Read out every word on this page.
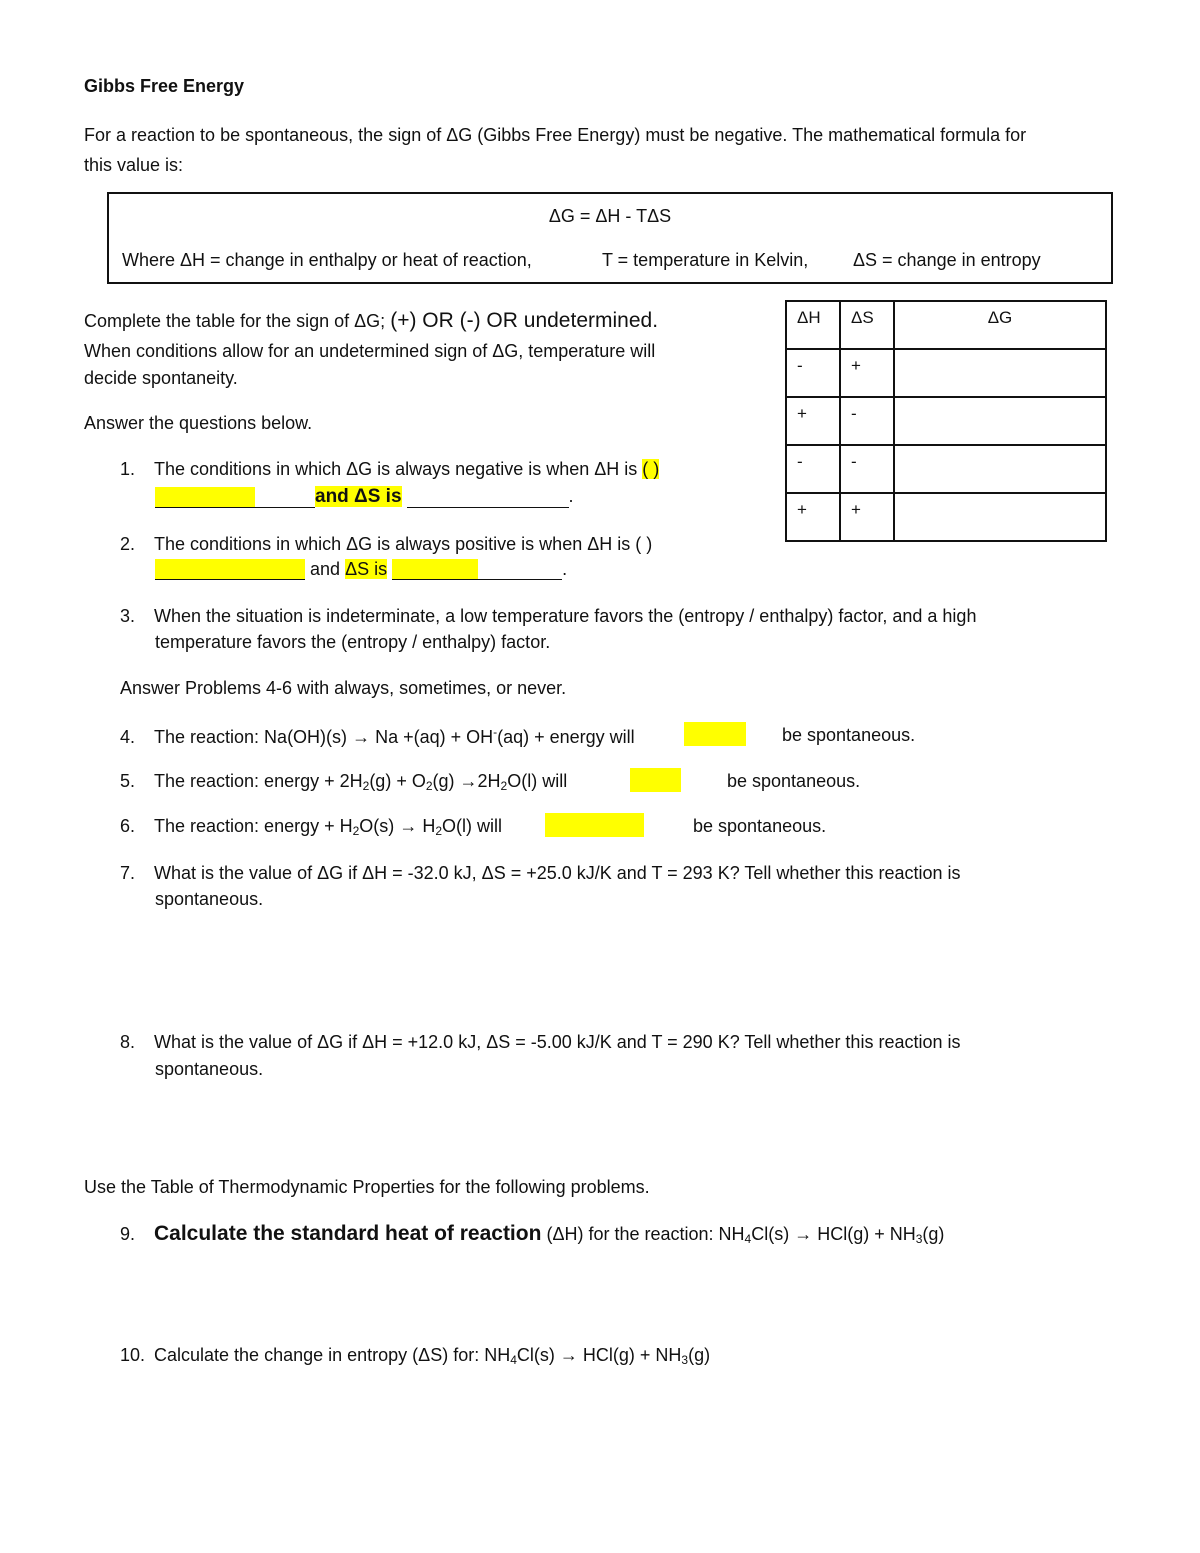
Gibbs Free Energy
For a reaction to be spontaneous, the sign of ΔG (Gibbs Free Energy) must be negative. The mathematical formula for
this value is:
ΔG = ΔH - TΔS
Where ΔH = change in enthalpy or heat of reaction,	T = temperature in Kelvin, ΔS = change in entropy
Complete the table for the sign of ΔG; (+) OR (-) OR undetermined.
When conditions allow for an undetermined sign of ΔG, temperature will
decide spontaneity.
Answer the questions below.
ΔH	ΔS	ΔG
-	+	
+	-	
-	-	
+	+	
1. The conditions in which ΔG is always negative is when ΔH is ( )
and ΔS is	.
2. The conditions in which ΔG is always positive is when ΔH is ( )
and ΔS is	.
3. When the situation is indeterminate, a low temperature favors the (entropy / enthalpy) factor, and a high
temperature favors the (entropy / enthalpy) factor.
Answer Problems 4-6 with always, sometimes, or never.
4. The reaction: Na(OH)(s) → Na +(aq) + OH-(aq) + energy will	be spontaneous.
5. The reaction: energy + $2H_2(g) + O_2(g) \to 2H_2O(l)$ will	be spontaneous.
6. The reaction: energy + $H_2O(s) \to H_2O(l)$ will	be spontaneous.
7. What is the value of ΔG if ΔH = -32.0 kJ, ΔS = +25.0 kJ/K and T = 293 K? Tell whether this reaction is
spontaneous.
8. What is the value of ΔG if ΔH = +12.0 kJ, ΔS = -5.00 kJ/K and T = 290 K? Tell whether this reaction is
spontaneous.
Use the Table of Thermodynamic Properties for the following problems.
9. Calculate the standard heat of reaction (ΔH) for the reaction: $NH_4Cl(s) \to HCl(g) + NH_3(g)$
10. Calculate the change in entropy (ΔS) for: $NH_4Cl(s) \to HCl(g) + NH_3(g)$
